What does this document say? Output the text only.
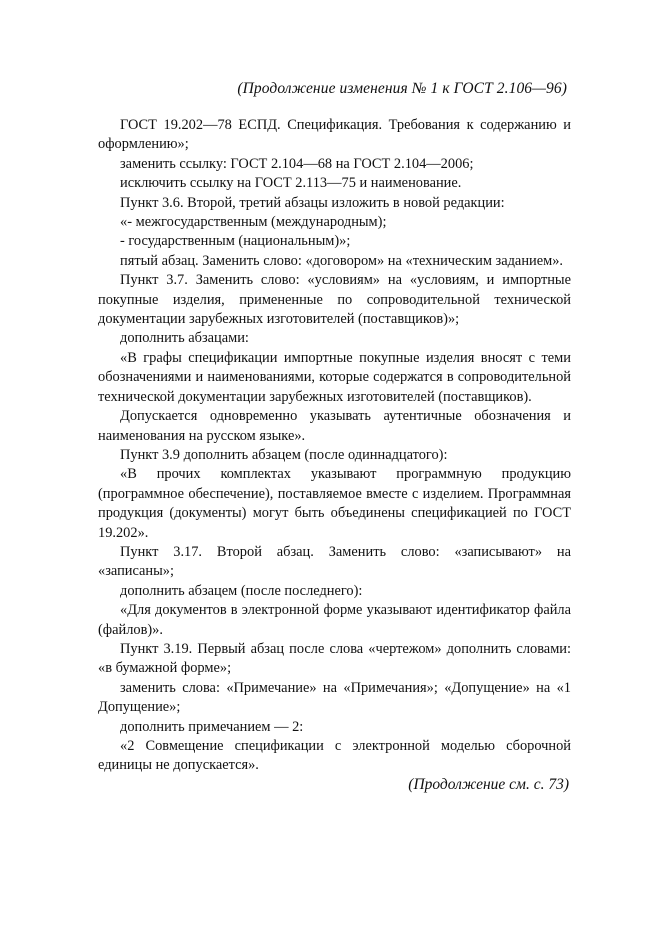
(Продолжение изменения № 1 к ГОСТ 2.106—96)

ГОСТ 19.202—78 ЕСПД. Спецификация. Требования к содержанию и оформлению»;

заменить ссылку: ГОСТ 2.104—68 на ГОСТ 2.104—2006;

исключить ссылку на ГОСТ 2.113—75 и наименование.

Пункт 3.6. Второй, третий абзацы изложить в новой редакции:

«- межгосударственным (международным);

- государственным (национальным)»;

пятый абзац. Заменить слово: «договором» на «техническим заданием».

Пункт 3.7. Заменить слово: «условиям» на «условиям, и импортные покупные изделия, примененные по сопроводительной технической документации зарубежных изготовителей (поставщиков)»;

дополнить абзацами:

«В графы спецификации импортные покупные изделия вносят с теми обозначениями и наименованиями, которые содержатся в сопроводительной технической документации зарубежных изготовителей (поставщиков).

Допускается одновременно указывать аутентичные обозначения и наименования на русском языке».

Пункт 3.9 дополнить абзацем (после одиннадцатого):

«В прочих комплектах указывают программную продукцию (программное обеспечение), поставляемое вместе с изделием. Программная продукция (документы) могут быть объединены спецификацией по ГОСТ 19.202».

Пункт 3.17. Второй абзац. Заменить слово: «записывают» на «записаны»;

дополнить абзацем (после последнего):

«Для документов в электронной форме указывают идентификатор файла (файлов)».

Пункт 3.19. Первый абзац после слова «чертежом» дополнить словами: «в бумажной форме»;

заменить слова: «Примечание» на «Примечания»; «Допущение» на «1 Допущение»;

дополнить примечанием — 2:

«2 Совмещение спецификации с электронной моделью сборочной единицы не допускается».

(Продолжение см. с. 73)
